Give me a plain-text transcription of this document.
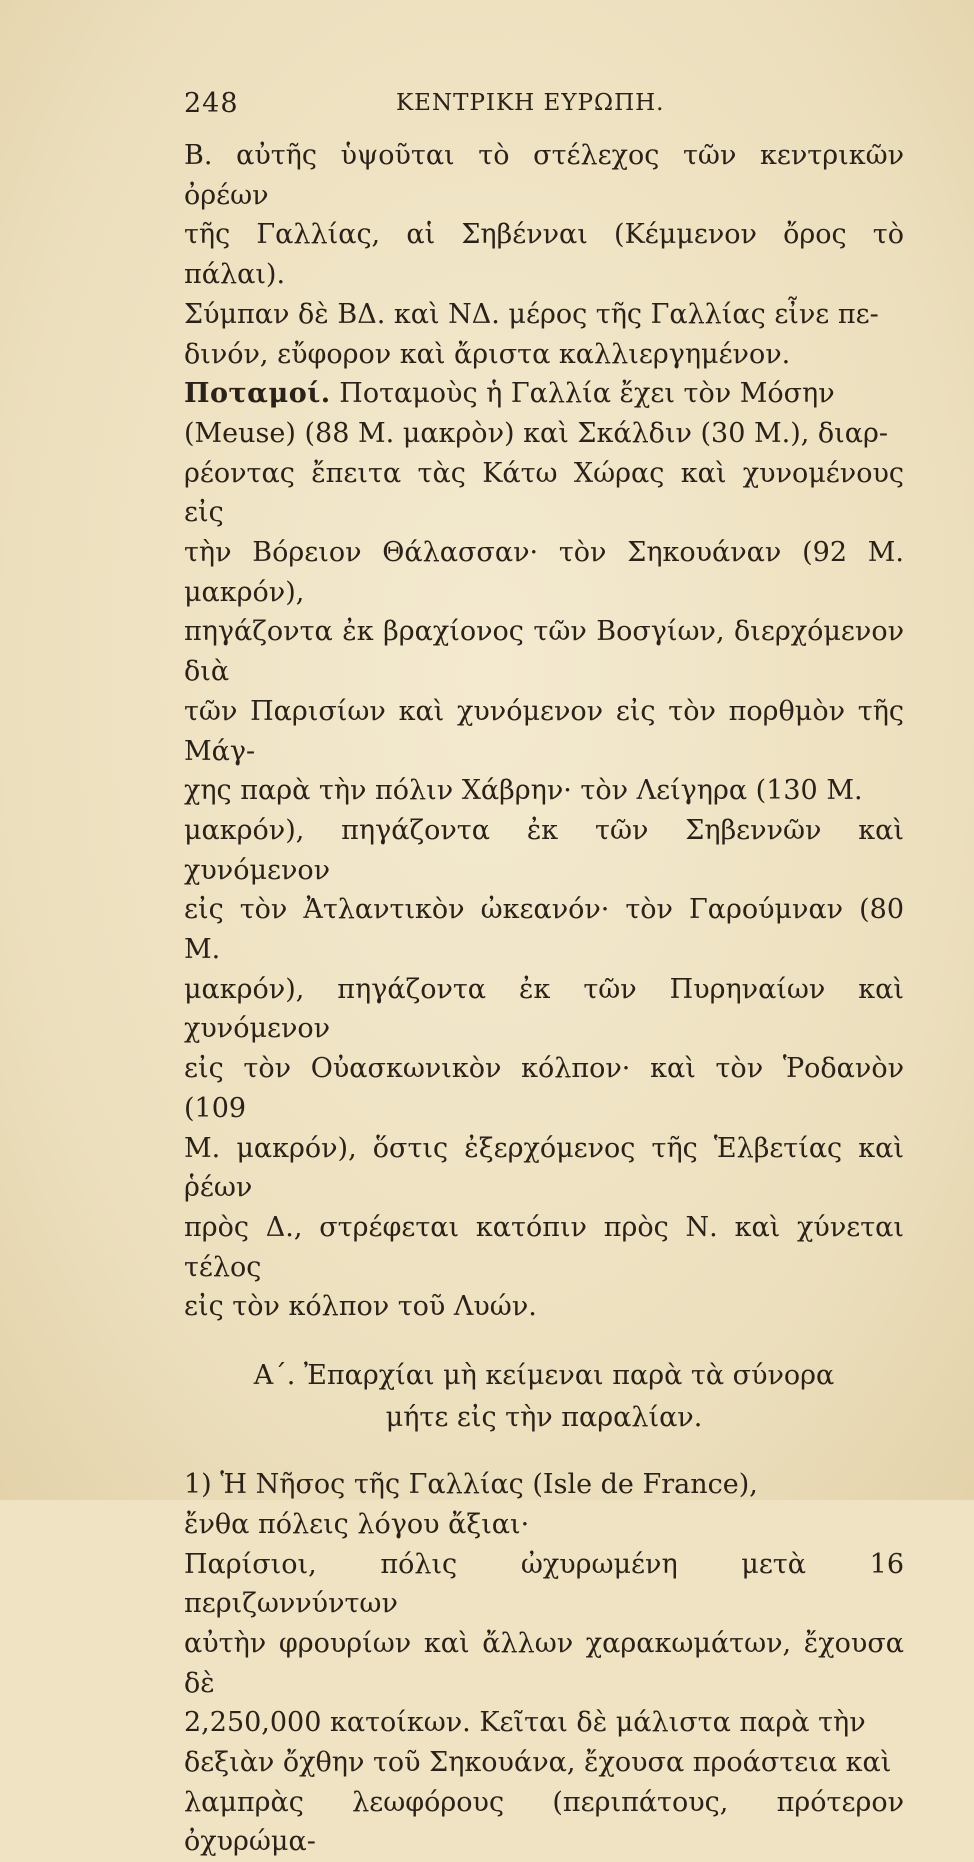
248	ΚΕΝΤΡΙΚΗ ΕΥΡΩΠΗ.
Β. αὐτῆς ὑψοῦται τὸ στέλεχος τῶν κεντρικῶν ὀρέων
τῆς Γαλλίας, αἱ Σηβένναι (Κέμμενον ὄρος τὸ πάλαι).
Σύμπαν δὲ ΒΔ. καὶ ΝΔ. μέρος τῆς Γαλλίας εἶνε πε-
δινόν, εὔφορον καὶ ἄριστα καλλιεργημένον.
Ποταμοί. Ποταμοὺς ἡ Γαλλία ἔχει τὸν Μόσην
(Meuse) (88 Μ. μακρὸν) καὶ Σκάλδιν (30 Μ.), διαρ-
ρέοντας ἔπειτα τὰς Κάτω Χώρας καὶ χυνομένους εἰς
τὴν Βόρειον Θάλασσαν· τὸν Σηκουάναν (92 Μ. μακρόν),
πηγάζοντα ἐκ βραχίονος τῶν Βοσγίων, διερχόμενον διὰ
τῶν Παρισίων καὶ χυνόμενον εἰς τὸν πορθμὸν τῆς Μάγ-
χης παρὰ τὴν πόλιν Χάβρην· τὸν Λείγηρα (130 Μ.
μακρόν), πηγάζοντα ἐκ τῶν Σηβεννῶν καὶ χυνόμενον
εἰς τὸν Ἀτλαντικὸν ὠκεανόν· τὸν Γαρούμναν (80 Μ.
μακρόν), πηγάζοντα ἐκ τῶν Πυρηναίων καὶ χυνόμενον
εἰς τὸν Οὐασκωνικὸν κόλπον· καὶ τὸν Ῥοδανὸν (109
Μ. μακρόν), ὅστις ἐξερχόμενος τῆς Ἑλβετίας καὶ ῥέων
πρὸς Δ., στρέφεται κατόπιν πρὸς Ν. καὶ χύνεται τέλος
εἰς τὸν κόλπον τοῦ Λυών.
Α΄. Ἐπαρχίαι μὴ κείμεναι παρὰ τὰ σύνορα
μήτε εἰς τὴν παραλίαν.
1) Ἡ Νῆσος τῆς Γαλλίας (Isle de France),
ἔνθα πόλεις λόγου ἄξιαι·
Παρίσιοι, πόλις ὠχυρωμένη μετὰ 16 περιζωννύντων
αὐτὴν φρουρίων καὶ ἄλλων χαρακωμάτων, ἔχουσα δὲ
2,250,000 κατοίκων. Κεῖται δὲ μάλιστα παρὰ τὴν
δεξιὰν ὄχθην τοῦ Σηκουάνα, ἔχουσα προάστεια καὶ
λαμπρὰς λεωφόρους (περιπάτους, πρότερον ὀχυρώμα-
